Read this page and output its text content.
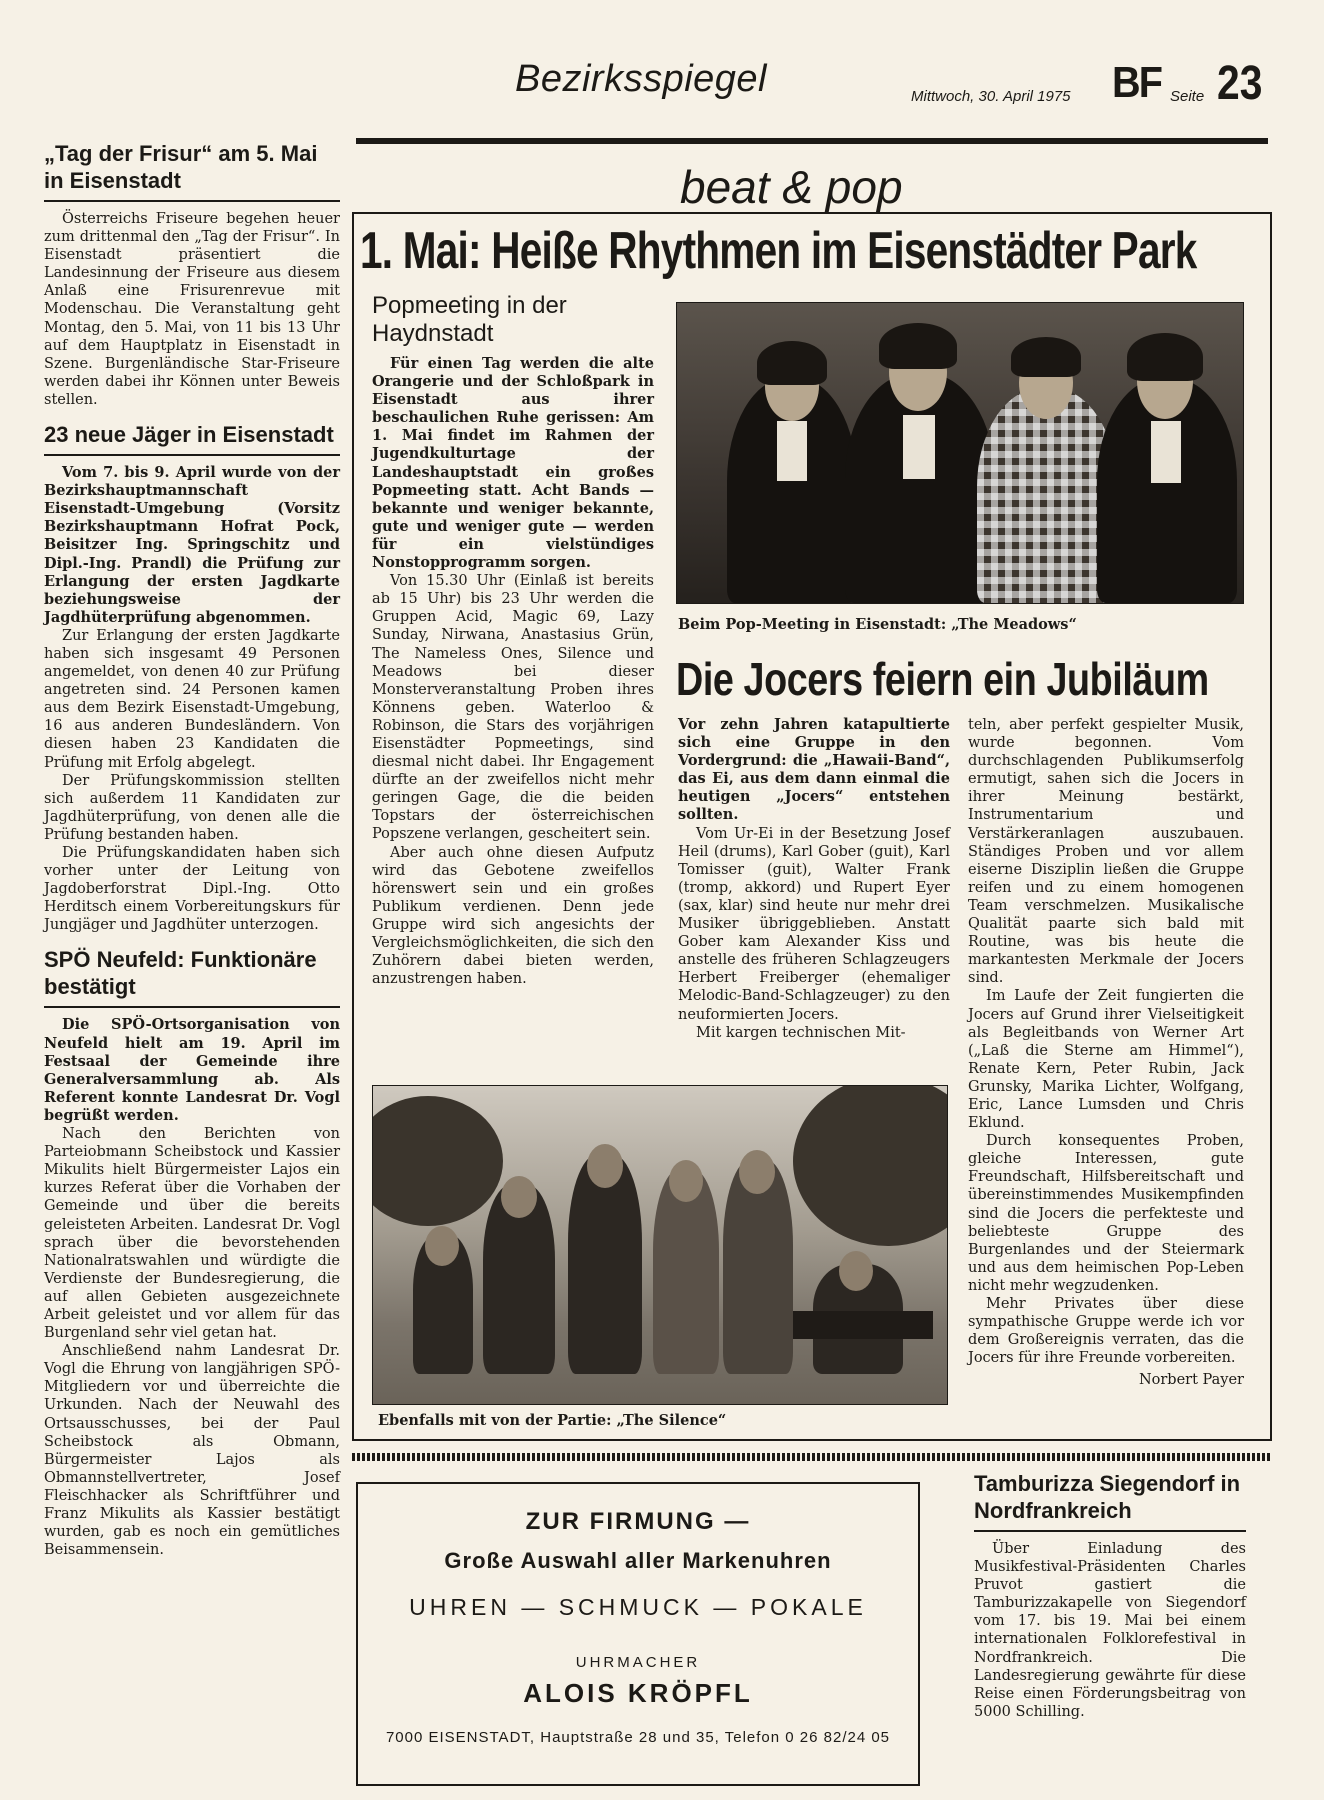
Bezirksspiegel	Mittwoch, 30. April 1975 BF Seite 23
„Tag der Frisur“ am 5. Mai in Eisenstadt

Österreichs Friseure begehen heuer zum drittenmal den „Tag der Frisur“. In Eisenstadt präsentiert die Landesinnung der Friseure aus diesem Anlaß eine Frisurenrevue mit Modenschau. Die Veranstaltung geht Montag, den 5. Mai, von 11 bis 13 Uhr auf dem Hauptplatz in Eisenstadt in Szene. Burgenländische Star-Friseure werden dabei ihr Können unter Beweis stellen.

23 neue Jäger in Eisenstadt

Vom 7. bis 9. April wurde von der Bezirkshauptmannschaft Eisenstadt-Umgebung (Vorsitz Bezirkshauptmann Hofrat Pock, Beisitzer Ing. Springschitz und Dipl.-Ing. Prandl) die Prüfung zur Erlangung der ersten Jagdkarte beziehungsweise der Jagdhüterprüfung abgenommen.

Zur Erlangung der ersten Jagdkarte haben sich insgesamt 49 Personen angemeldet, von denen 40 zur Prüfung angetreten sind. 24 Personen kamen aus dem Bezirk Eisenstadt-Umgebung, 16 aus anderen Bundesländern. Von diesen haben 23 Kandidaten die Prüfung mit Erfolg abgelegt.

Der Prüfungskommission stellten sich außerdem 11 Kandidaten zur Jagdhüterprüfung, von denen alle die Prüfung bestanden haben.

Die Prüfungskandidaten haben sich vorher unter der Leitung von Jagdoberforstrat Dipl.-Ing. Otto Herditsch einem Vorbereitungskurs für Jungjäger und Jagdhüter unterzogen.

SPÖ Neufeld: Funktionäre bestätigt

Die SPÖ-Ortsorganisation von Neufeld hielt am 19. April im Festsaal der Gemeinde ihre Generalversammlung ab. Als Referent konnte Landesrat Dr. Vogl begrüßt werden.

Nach den Berichten von Parteiobmann Scheibstock und Kassier Mikulits hielt Bürgermeister Lajos ein kurzes Referat über die Vorhaben der Gemeinde und über die bereits geleisteten Arbeiten. Landesrat Dr. Vogl sprach über die bevorstehenden Nationalratswahlen und würdigte die Verdienste der Bundesregierung, die auf allen Gebieten ausgezeichnete Arbeit geleistet und vor allem für das Burgenland sehr viel getan hat.

Anschließend nahm Landesrat Dr. Vogl die Ehrung von langjährigen SPÖ-Mitgliedern vor und überreichte die Urkunden. Nach der Neuwahl des Ortsausschusses, bei der Paul Scheibstock als Obmann, Bürgermeister Lajos als Obmannstellvertreter, Josef Fleischhacker als Schriftführer und Franz Mikulits als Kassier bestätigt wurden, gab es noch ein gemütliches Beisammensein.

beat & pop
1. Mai: Heiße Rhythmen im Eisenstädter Park
Popmeeting in der Haydnstadt

Für einen Tag werden die alte Orangerie und der Schloßpark in Eisenstadt aus ihrer beschaulichen Ruhe gerissen: Am 1. Mai findet im Rahmen der Jugendkulturtage der Landeshauptstadt ein großes Popmeeting statt. Acht Bands — bekannte und weniger bekannte, gute und weniger gute — werden für ein vielstündiges Nonstopprogramm sorgen.

Von 15.30 Uhr (Einlaß ist bereits ab 15 Uhr) bis 23 Uhr werden die Gruppen Acid, Magic 69, Lazy Sunday, Nirwana, Anastasius Grün, The Nameless Ones, Silence und Meadows bei dieser Monsterveranstaltung Proben ihres Könnens geben. Waterloo & Robinson, die Stars des vorjährigen Eisenstädter Popmeetings, sind diesmal nicht dabei. Ihr Engagement dürfte an der zweifellos nicht mehr geringen Gage, die die beiden Topstars der österreichischen Popszene verlangen, gescheitert sein.

Aber auch ohne diesen Aufputz wird das Gebotene zweifellos hörenswert sein und ein großes Publikum verdienen. Denn jede Gruppe wird sich angesichts der Vergleichsmöglichkeiten, die sich den Zuhörern dabei bieten werden, anzustrengen haben.

Beim Pop-Meeting in Eisenstadt: „The Meadows“
Die Jocers feiern ein Jubiläum

Vor zehn Jahren katapultierte sich eine Gruppe in den Vordergrund: die „Hawaii-Band“, das Ei, aus dem dann einmal die heutigen „Jocers“ entstehen sollten.

Vom Ur-Ei in der Besetzung Josef Heil (drums), Karl Gober (guit), Karl Tomisser (guit), Walter Frank (tromp, akkord) und Rupert Eyer (sax, klar) sind heute nur mehr drei Musiker übriggeblieben. Anstatt Gober kam Alexander Kiss und anstelle des früheren Schlagzeugers Herbert Freiberger (ehemaliger Melodic-Band-Schlagzeuger) zu den neuformierten Jocers.

Mit kargen technischen Mit-

teln, aber perfekt gespielter Musik, wurde begonnen. Vom durchschlagenden Publikumserfolg ermutigt, sahen sich die Jocers in ihrer Meinung bestärkt, Instrumentarium und Verstärkeranlagen auszubauen. Ständiges Proben und vor allem eiserne Disziplin ließen die Gruppe reifen und zu einem homogenen Team verschmelzen. Musikalische Qualität paarte sich bald mit Routine, was bis heute die markantesten Merkmale der Jocers sind.

Im Laufe der Zeit fungierten die Jocers auf Grund ihrer Vielseitigkeit als Begleitbands von Werner Art („Laß die Sterne am Himmel“), Renate Kern, Peter Rubin, Jack Grunsky, Marika Lichter, Wolfgang, Eric, Lance Lumsden und Chris Eklund.

Durch konsequentes Proben, gleiche Interessen, gute Freundschaft, Hilfsbereitschaft und übereinstimmendes Musikempfinden sind die Jocers die perfekteste und beliebteste Gruppe des Burgenlandes und der Steiermark und aus dem heimischen Pop-Leben nicht mehr wegzudenken.

Mehr Privates über diese sympathische Gruppe werde ich vor dem Großereignis verraten, das die Jocers für ihre Freunde vorbereiten.

Norbert Payer

Ebenfalls mit von der Partie: „The Silence“
ZUR FIRMUNG —
Große Auswahl aller Markenuhren
UHREN — SCHMUCK — POKALE
UHRMACHER
ALOIS KRÖPFL
7000 EISENSTADT, Hauptstraße 28 und 35, Telefon 0 26 82/24 05
Tamburizza Siegendorf in Nordfrankreich

Über Einladung des Musikfestival-Präsidenten Charles Pruvot gastiert die Tamburizzakapelle von Siegendorf vom 17. bis 19. Mai bei einem internationalen Folklorefestival in Nordfrankreich. Die Landesregierung gewährte für diese Reise einen Förderungsbeitrag von 5000 Schilling.
